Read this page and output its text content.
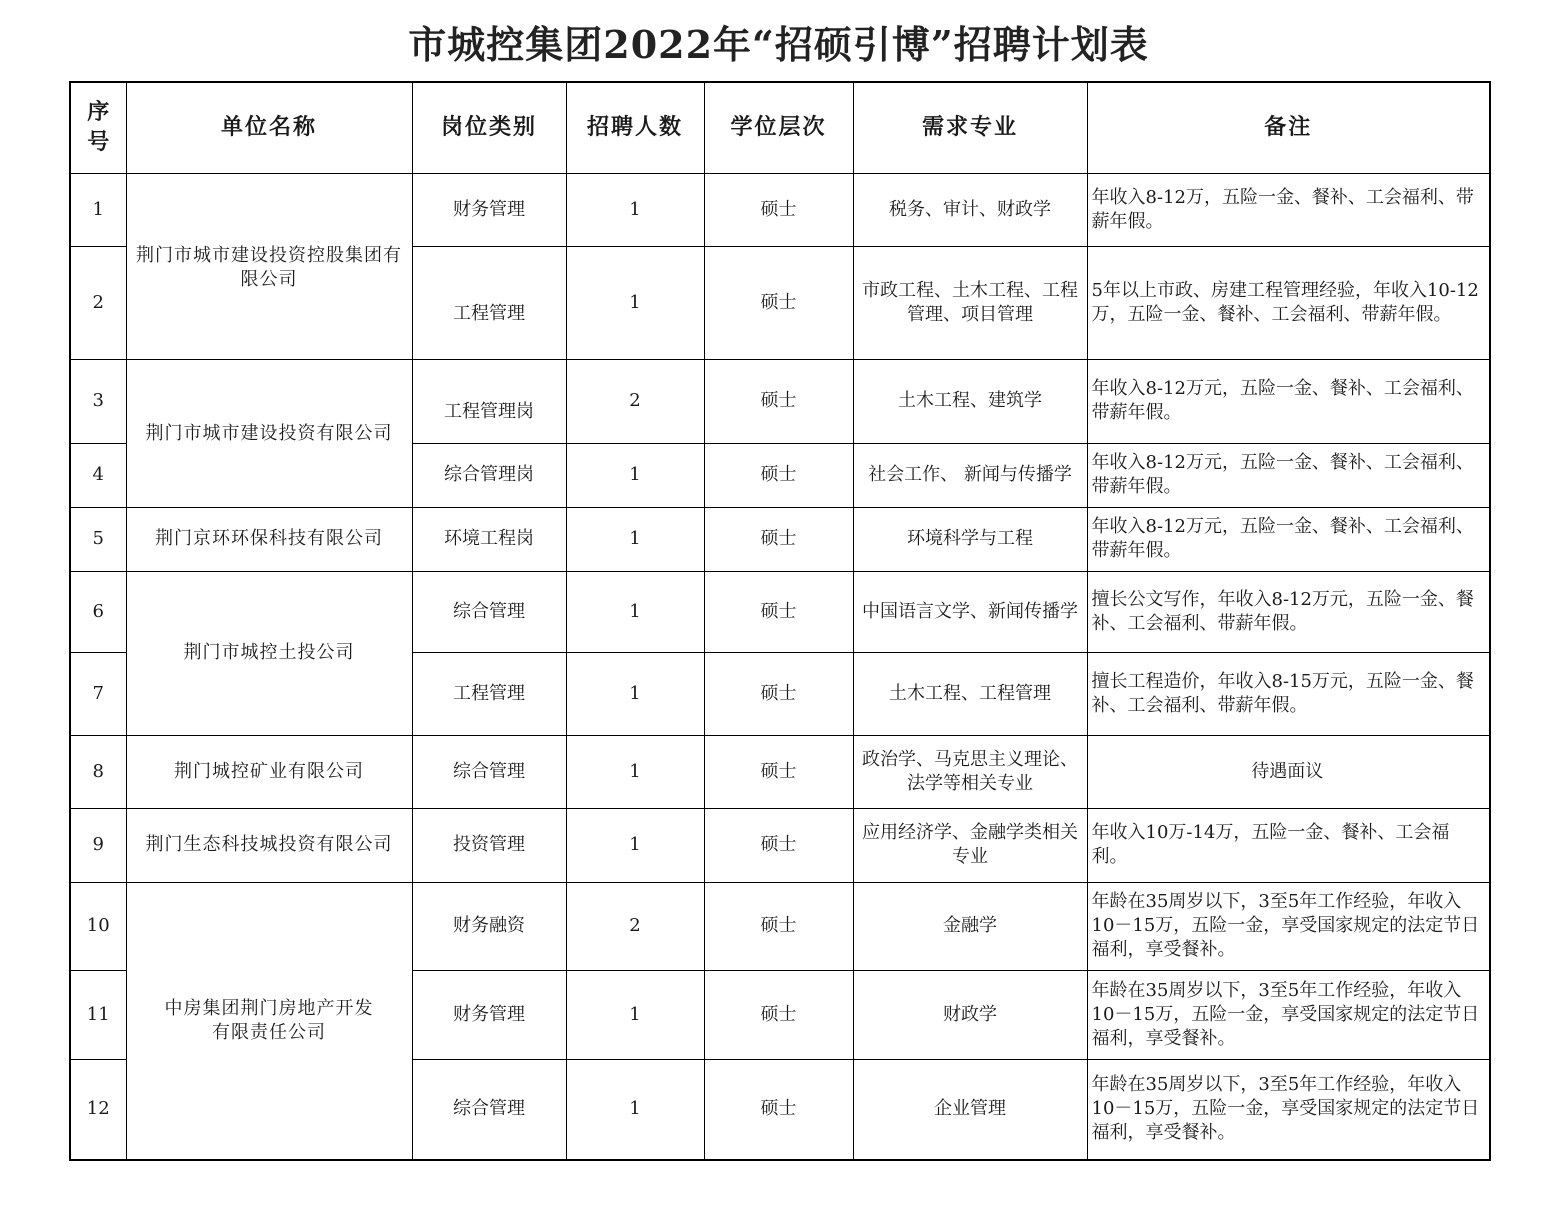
市城控集团2022年“招硕引博”招聘计划表
序
号	单位名称	岗位类别	招聘人数	学位层次	需求专业	备注
1	荆门市城市建设投资控股集团有限公司	财务管理	1	硕士	税务、审计、财政学	年收入8-12万，五险一金、餐补、工会福利、带薪年假。
2		工程管理	1	硕士	市政工程、土木工程、工程管理、项目管理	5年以上市政、房建工程管理经验，年收入10-12万，五险一金、餐补、工会福利、带薪年假。
3	荆门市城市建设投资有限公司	工程管理岗	2	硕士	土木工程、建筑学	年收入8-12万元，五险一金、餐补、工会福利、带薪年假。
4		综合管理岗	1	硕士	社会工作、 新闻与传播学	年收入8-12万元，五险一金、餐补、工会福利、带薪年假。
5	荆门京环环保科技有限公司	环境工程岗	1	硕士	环境科学与工程	年收入8-12万元，五险一金、餐补、工会福利、带薪年假。
6	荆门市城控土投公司	综合管理	1	硕士	中国语言文学、新闻传播学	擅长公文写作，年收入8-12万元，五险一金、餐补、工会福利、带薪年假。
7		工程管理	1	硕士	土木工程、工程管理	擅长工程造价，年收入8-15万元，五险一金、餐补、工会福利、带薪年假。
8	荆门城控矿业有限公司	综合管理	1	硕士	政治学、马克思主义理论、法学等相关专业	待遇面议
9	荆门生态科技城投资有限公司	投资管理	1	硕士	应用经济学、金融学类相关专业	年收入10万-14万，五险一金、餐补、工会福利。
10	中房集团荆门房地产开发
有限责任公司	财务融资	2	硕士	金融学	年龄在35周岁以下，3至5年工作经验，年收入10－15万，五险一金，享受国家规定的法定节日福利，享受餐补。
11		财务管理	1	硕士	财政学	年龄在35周岁以下，3至5年工作经验，年收入10－15万，五险一金，享受国家规定的法定节日福利，享受餐补。
12		综合管理	1	硕士	企业管理	年龄在35周岁以下，3至5年工作经验，年收入10－15万，五险一金，享受国家规定的法定节日福利，享受餐补。
